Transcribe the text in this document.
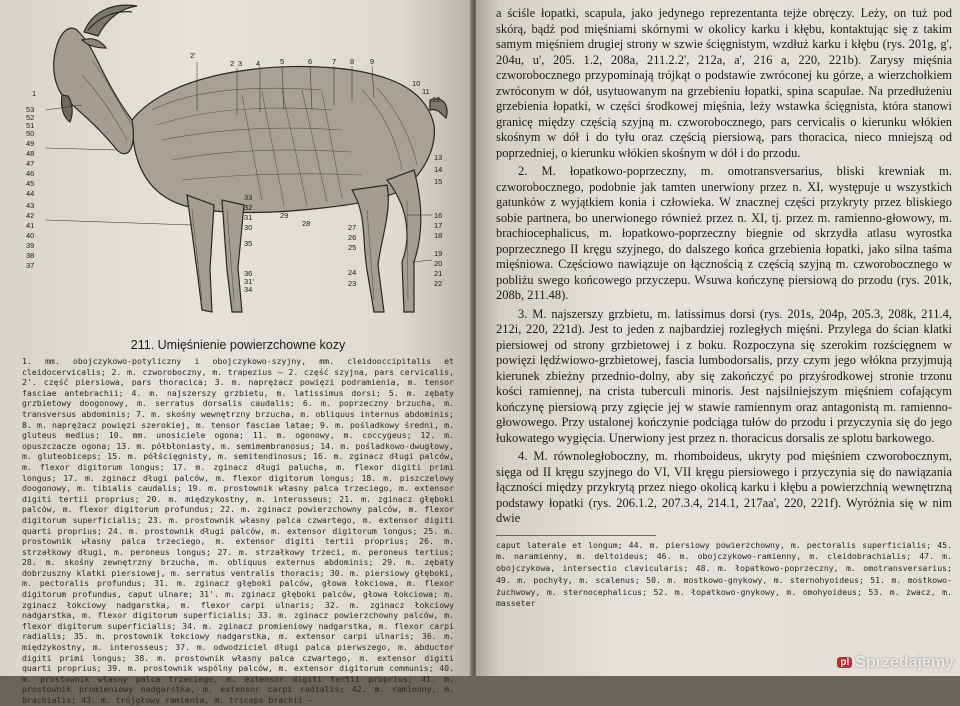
2'
2 3 4	5	6	7 8 9
10
11
12
1
53
52
51
50
49
48
47
46
45
44
43
42
41
40
39
38
37
33
32
31
30
29
28
35
36
31'
34
13
14
15
16
17
18
27
26
25
24
23	22
21
20
19
211. Umięśnienie powierzchowne kozy

1. mm. obojczykowo-potyliczny i obojczykowo-szyjny, mm. cleidooccipitalis et cleidocervicalis; 2. m. czworoboczny, m. trapezius — 2. część szyjna, pars cervicalis, 2'. część piersiowa, pars thoracica; 3. m. naprężacz powięzi podramienia, m. tensor fasciae antebrachii; 4. m. najszerszy grzbietu, m. latissimus dorsi; 5. m. zębaty grzbietowy doogonowy, m. serratus dorsalis caudalis; 6. m. poprzeczny brzucha, m. transversus abdominis; 7. m. skośny wewnętrzny brzucha, m. obliquus internus abdominis; 8. m. naprężacz powięzi szerokiej, m. tensor fasciae latae; 9. m. pośladkowy średni, m. gluteus medius; 10. mm. unosiciele ogona; 11. m. ogonowy, m. coccygeus; 12. m. opuszczacze ogona; 13. m. półbłoniasty, m. semimembranosus; 14. m. pośladkowo-dwugłowy, m. gluteobiceps; 15. m. półścięgnisty, m. semitendinosus; 16. m. zginacz długi palców, m. flexor digitorum longus; 17. m. zginacz długi palucha, m. flexor digiti primi longus; 17. m. zginacz długi palców, m. flexor digitorum longus; 18. m. piszczelowy doogonowy, m. tibialis caudalis; 19. m. prostownik własny palca trzeciego, m. extensor digiti tertii proprius; 20. m. międzykostny, m. interosseus; 21. m. zginacz głęboki palców, m. flexor digitorum profundus; 22. m. zginacz powierzchowny palców, m. flexor digitorum superficialis; 23. m. prostownik własny palca czwartego, m. extensor digiti quarti proprius; 24. m. prostownik długi palców, m. extensor digitorum longus; 25. m. prostownik własny palca trzeciego, m. extensor digiti tertii proprius; 26. m. strzałkowy długi, m. peroneus longus; 27. m. strzałkowy trzeci, m. peroneus tertius; 28. m. skośny zewnętrzny brzucha, m. obliquus externus abdominis; 29. m. zębaty dobrzuszny klatki piersiowej, m. serratus ventralis thoracis; 30. m. piersiowy głęboki, m. pectoralis profundus; 31. m. zginacz głęboki palców, głowa łokciowa, m. flexor digitorum profundus, caput ulnare; 31'. m. zginacz głęboki palców, głowa łokciowa; m. zginacz łokciowy nadgarstka, m. flexor carpi ulnaris; 32. m. zginacz łokciowy nadgarstka, m. flexor digitorum superficialis; 33. m. zginacz powierzchowny palców, m. flexor digitorum superficialis; 34. m. zginacz promieniowy nadgarstka, m. flexor carpi radialis; 35. m. prostownik łokciowy nadgarstka, m. extensor carpi ulnaris; 36. m. międzykostny, m. interosseus; 37. m. odwodziciel długi palca pierwszego, m. abductor digiti primi longus; 38. m. prostownik własny palca czwartego, m. extensor digiti quarti proprius; 39. m. prostownik wspólny palców, m. extensor digitorum communis; 40. m. prostownik własny palca trzeciego, m. extensor digiti tertii proprius; 41. m. prostownik promieniowy nadgarstka, m. extensor carpi radialis; 42. m. ramienny, m. brachialis; 43. m. trójgłowy ramienia, m. triceps brachii —

a ściśle łopatki, scapula, jako jedynego reprezentanta tejże obręczy. Leży, on tuż pod skórą, bądź pod mięśniami skórnymi w okolicy karku i kłębu, kontaktując się z takim samym mięśniem drugiej strony w szwie ścięgnistym, wzdłuż karku i kłębu (rys. 201g, g', 204u, u', 205. 1.2, 208a, 211.2.2', 212a, a', 216 a, 220, 221b). Zarysy mięśnia czworobocznego przypominają trójkąt o podstawie zwróconej ku górze, a wierzchołkiem zwróconym w dół, usytuowanym na grzebieniu łopatki, spina scapulae. Na przedłużeniu grzebienia łopatki, w części środkowej mięśnia, leży wstawka ścięgnista, która stanowi granicę między częścią szyjną m. czworobocznego, pars cervicalis o kierunku włókien skośnym w dół i do tyłu oraz częścią piersiową, pars thoracica, nieco mniejszą od poprzedniej, o kierunku włókien skośnym w dół i do przodu.

2. M. łopatkowo-poprzeczny, m. omotransversarius, bliski krewniak m. czworobocznego, podobnie jak tamten unerwiony przez n. XI, występuje u wszystkich gatunków z wyjątkiem konia i człowieka. W znacznej części przykryty przez bliskiego sobie partnera, bo unerwionego również przez n. XI, tj. przez m. ramienno-głowowy, m. brachiocephalicus, m. łopatkowo-poprzeczny biegnie od skrzydła atlasu wyrostka poprzecznego II kręgu szyjnego, do dalszego końca grzebienia łopatki, jako silna taśma mięśniowa. Częściowo nawiązuje on łącznością z częścią szyjną m. czworobocznego w pobliżu swego końcowego przyczepu. Wsuwa kończynę piersiową do przodu (rys. 201k, 208b, 211.48).

3. M. najszerszy grzbietu, m. latissimus dorsi (rys. 201s, 204p, 205.3, 208k, 211.4, 212i, 220, 221d). Jest to jeden z najbardziej rozległych mięśni. Przylega do ścian klatki piersiowej od strony grzbietowej i z boku. Rozpoczyna się szerokim rozścięgnem w powięzi lędźwiowo-grzbietowej, fascia lumbodorsalis, przy czym jego włókna przyjmują kierunek zbieżny przednio-dolny, aby się zakończyć po przyśrodkowej stronie trzonu kości ramiennej, na crista tuberculi minoris. Jest najsilniejszym mięśniem cofającym kończynę piersiową przy zgięcie jej w stawie ramiennym oraz antagonistą m. ramienno-głowowego. Przy ustalonej kończynie podciąga tułów do przodu i przyczynia się do jego łukowatego wygięcia. Unerwiony jest przez n. thoracicus dorsalis ze splotu barkowego.

4. M. równoległoboczny, m. rhomboideus, ukryty pod mięśniem czworobocznym, sięga od II kręgu szyjnego do VI, VII kręgu piersiowego i przyczynia się do nawiązania łączności między przykrytą przez niego okolicą karku i kłębu a powierzchnią wewnętrzną podstawy łopatki (rys. 206.1.2, 207.3.4, 214.1, 217aa', 220, 221f). Wyróżnia się w nim dwie

caput laterale et longum; 44. m. piersiowy powierzchowny, m. pectoralis superficialis; 45. m. naramienny, m. deltoideus; 46. m. obojczykowo-ramienny, m. cleidobrachialis; 47. m. obojczykowa, intersectio clavicularis; 48. m. łopatkowo-poprzeczny, m. omotransversarius; 49. m. pochyły, m. scalenus; 50. m. mostkowo-gnykowy, m. sternohyoideus; 51. m. mostkowo-żuchwowy, m. sternocephalicus; 52. m. łopatkowo-gnykowy, m. omohyoideus; 53. m. żwacz, m. masseter

pl Sprzedajemy
